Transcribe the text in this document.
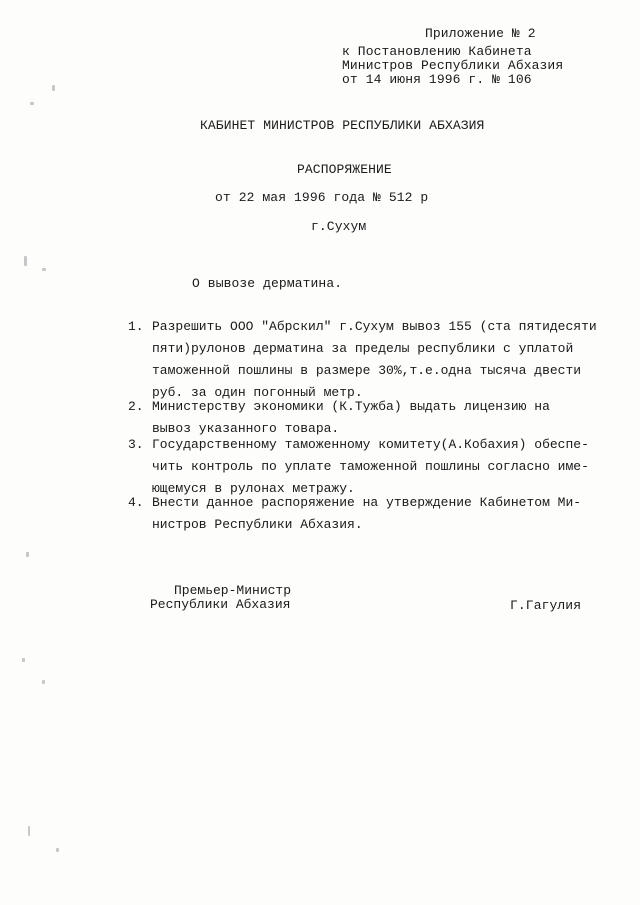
Приложение № 2
к Постановлению Кабинета
Министров Республики Абхазия
от 14 июня 1996 г. № 106
КАБИНЕТ МИНИСТРОВ РЕСПУБЛИКИ АБХАЗИЯ
РАСПОРЯЖЕНИЕ
от 22 мая 1996 года № 512 р
г.Сухум
О вывозе дерматина.
1. Разрешить ООО "Абрскил" г.Сухум вывоз 155 (ста пятидесяти
пяти)рулонов дерматина за пределы республики с уплатой
таможенной пошлины в размере 30%,т.е.одна тысяча двести
руб. за один погонный метр.
2. Министерству экономики (К.Тужба) выдать лицензию на
вывоз указанного товара.
3. Государственному таможенному комитету(А.Кобахия) обеспе-
чить контроль по уплате таможенной пошлины согласно име-
ющемуся в рулонах метражу.
4. Внести данное распоряжение на утверждение Кабинетом Ми-
нистров Республики Абхазия.
Премьер-Министр
Республики Абхазия	Г.Гагулия
